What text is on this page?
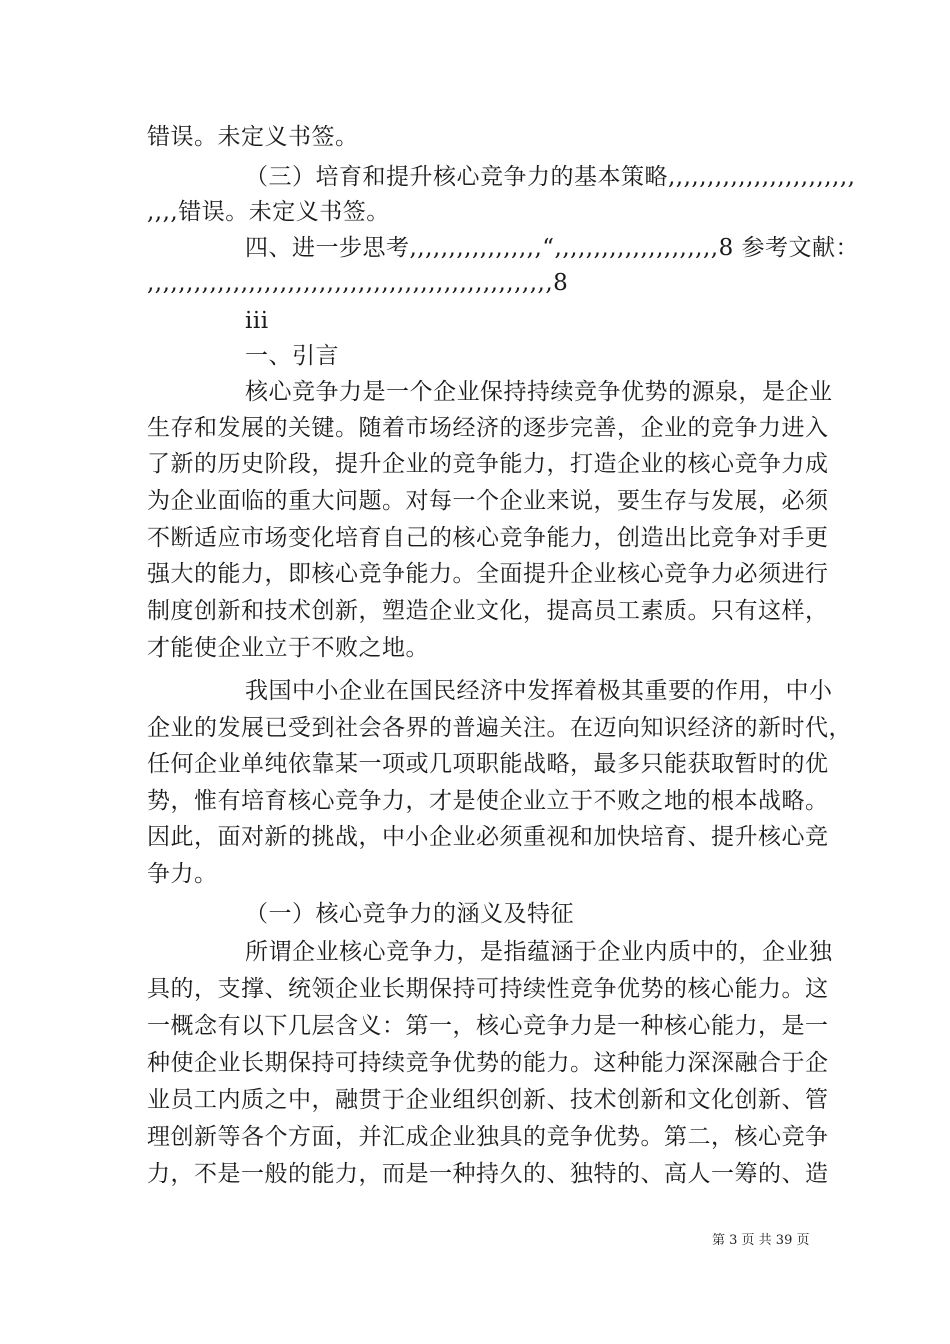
错误。未定义书签。
（三）培育和提升核心竞争力的基本策略,,,,,,,,,,,,,,,,,,,,,,,,
,,,,错误。未定义书签。
四、进一步思考,,,,,,,,,,,,,,,,,“,,,,,,,,,,,,,,,,,,,,,8 参考文献：
,,,,,,,,,,,,,,,,,,,,,,,,,,,,,,,,,,,,,,,,,,,,,,,,,,,,8
iii
一、引言
核心竞争力是一个企业保持持续竞争优势的源泉，是企业
生存和发展的关键。随着市场经济的逐步完善，企业的竞争力进入
了新的历史阶段，提升企业的竞争能力，打造企业的核心竞争力成
为企业面临的重大问题。对每一个企业来说，要生存与发展，必须
不断适应市场变化培育自己的核心竞争能力，创造出比竞争对手更
强大的能力，即核心竞争能力。全面提升企业核心竞争力必须进行
制度创新和技术创新，塑造企业文化，提高员工素质。只有这样，
才能使企业立于不败之地。
我国中小企业在国民经济中发挥着极其重要的作用，中小
企业的发展已受到社会各界的普遍关注。在迈向知识经济的新时代，
任何企业单纯依靠某一项或几项职能战略，最多只能获取暂时的优
势，惟有培育核心竞争力，才是使企业立于不败之地的根本战略。
因此，面对新的挑战，中小企业必须重视和加快培育、提升核心竞
争力。
（一）核心竞争力的涵义及特征
所谓企业核心竞争力，是指蕴涵于企业内质中的，企业独
具的，支撑、统领企业长期保持可持续性竞争优势的核心能力。这
一概念有以下几层含义：第一，核心竞争力是一种核心能力，是一
种使企业长期保持可持续竞争优势的能力。这种能力深深融合于企
业员工内质之中，融贯于企业组织创新、技术创新和文化创新、管
理创新等各个方面，并汇成企业独具的竞争优势。第二，核心竞争
力，不是一般的能力，而是一种持久的、独特的、高人一筹的、造
第 3 页 共 39 页
